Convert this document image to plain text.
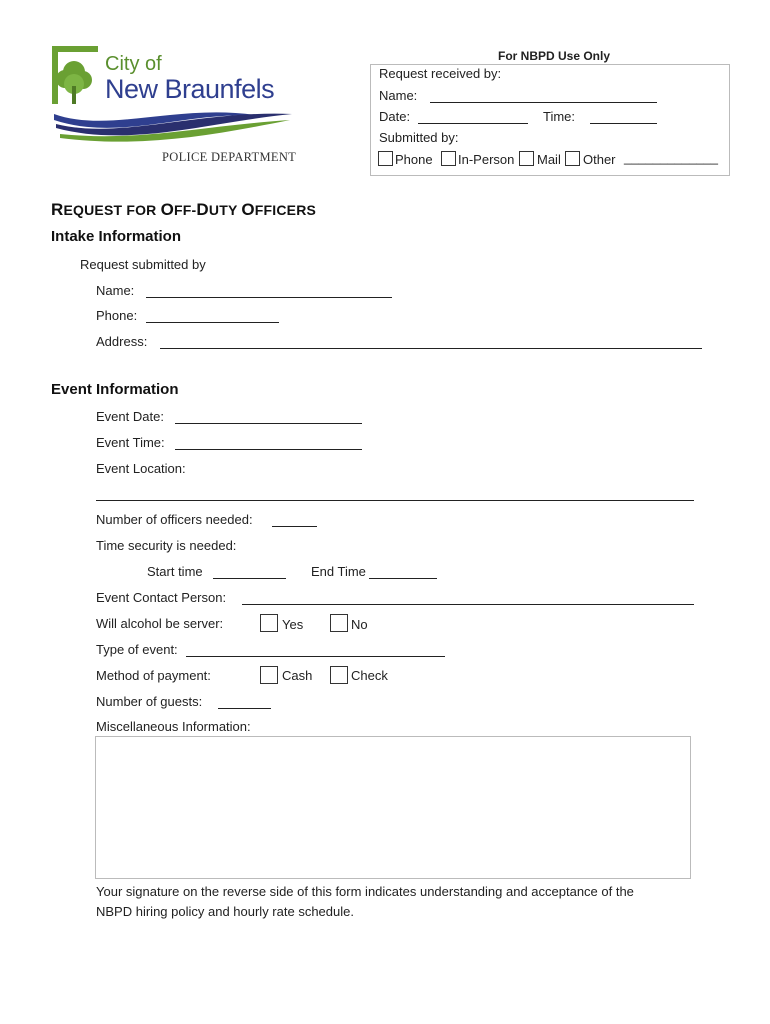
City of
New Braunfels
POLICE DEPARTMENT
For NBPD Use Only
Request received by:
Name:
Date:	Time:
Submitted by:
Phone In-Person Mail Other _____________
REQUEST FOR OFF-DUTY OFFICERS
Intake Information
Request submitted by
Name:
Phone:
Address:
Event Information
Event Date:
Event Time:
Event Location:
Number of officers needed:
Time security is needed:
Start time	End Time
Event Contact Person:
Will alcohol be server:	Yes	No
Type of event:
Method of payment:	Cash	Check
Number of guests:
Miscellaneous Information:
Your signature on the reverse side of this form indicates understanding and acceptance of the
NBPD hiring policy and hourly rate schedule.
